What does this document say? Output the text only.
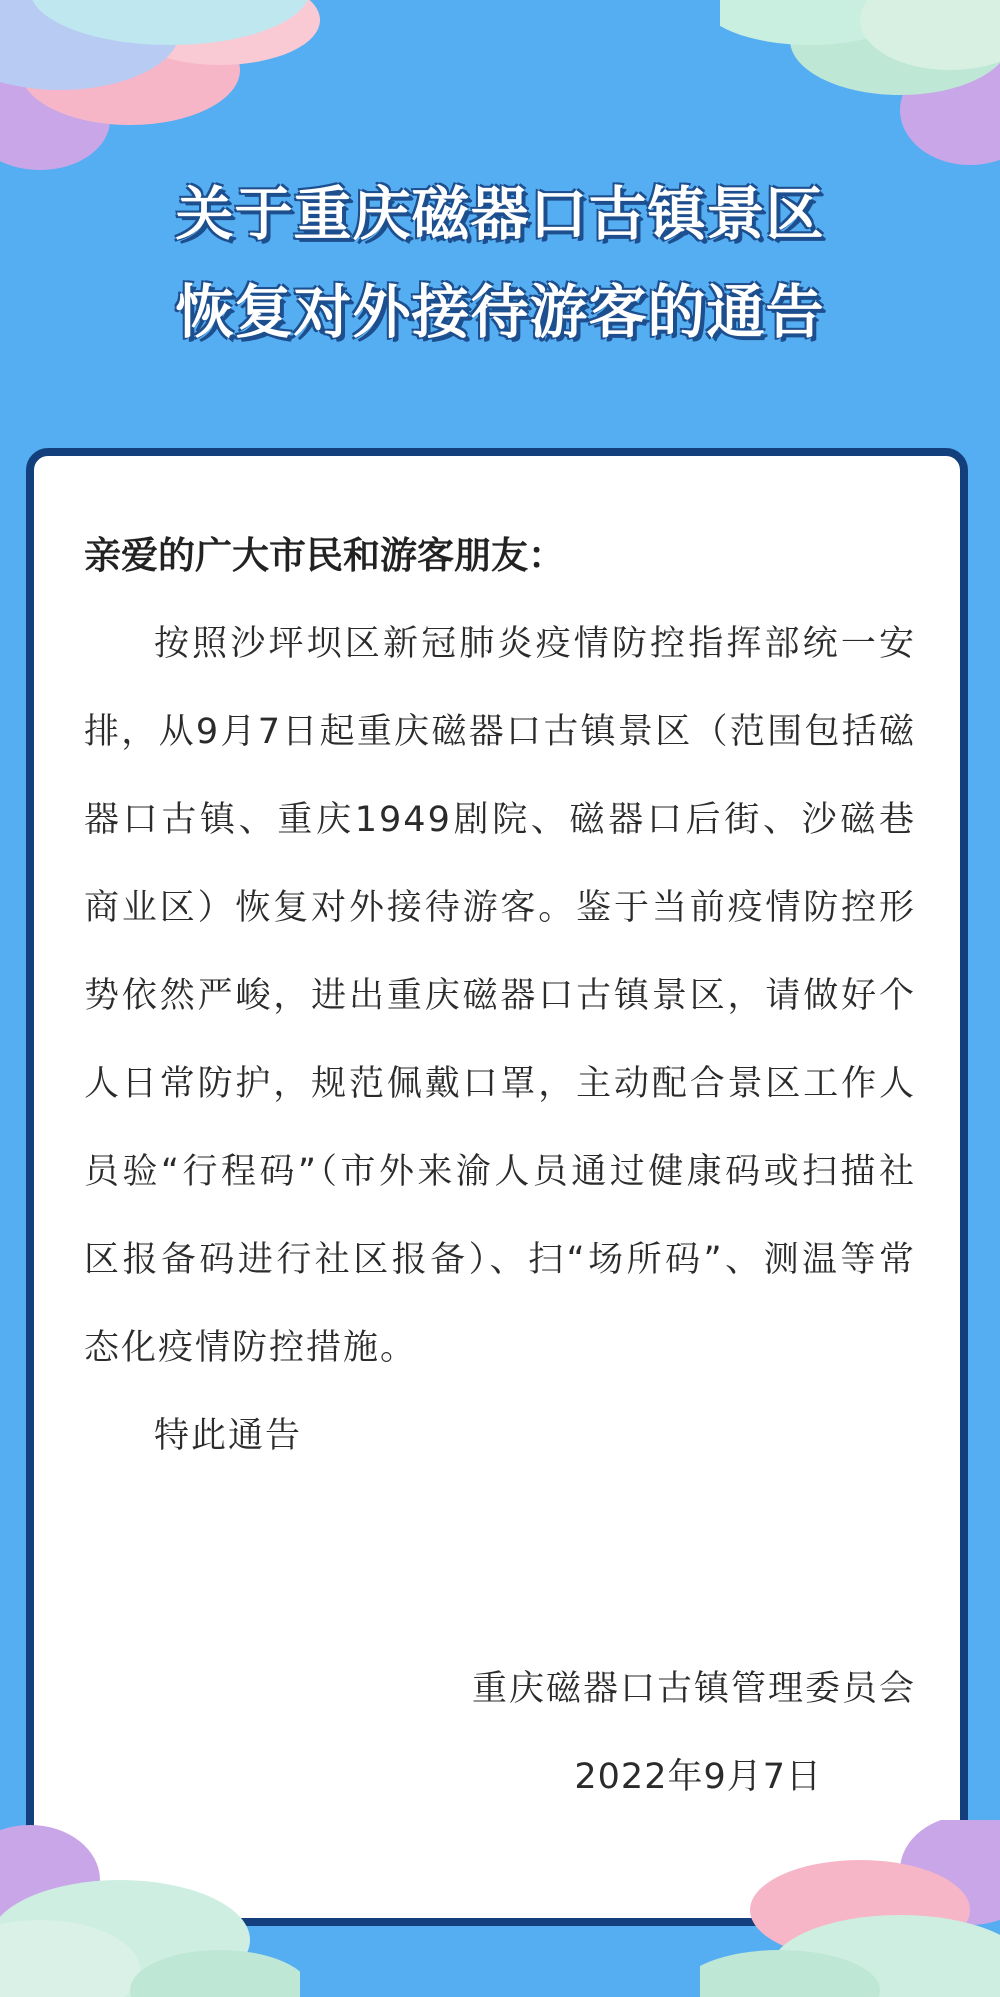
关于重庆磁器口古镇景区
恢复对外接待游客的通告

亲爱的广大市民和游客朋友：

按照沙坪坝区新冠肺炎疫情防控指挥部统一安排，从9月7日起重庆磁器口古镇景区（范围包括磁器口古镇、重庆1949剧院、磁器口后街、沙磁巷商业区）恢复对外接待游客。鉴于当前疫情防控形势依然严峻，进出重庆磁器口古镇景区，请做好个人日常防护，规范佩戴口罩，主动配合景区工作人员验“行程码”（市外来渝人员通过健康码或扫描社区报备码进行社区报备）、扫“场所码”、测温等常态化疫情防控措施。

特此通告

重庆磁器口古镇管理委员会
2022年9月7日
